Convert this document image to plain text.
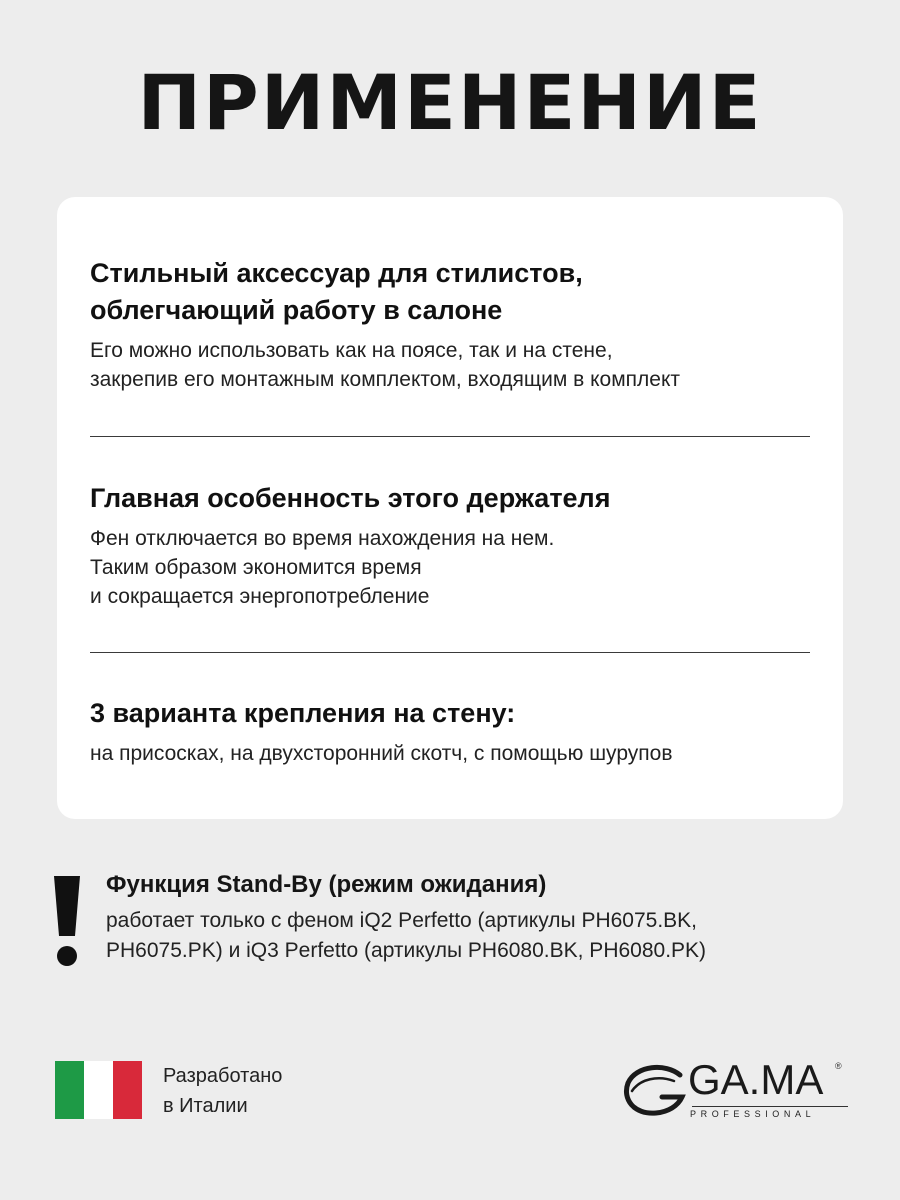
ПРИМЕНЕНИЕ
Стильный аксессуар для стилистов,
облегчающий работу в салоне

Его можно использовать как на поясе, так и на стене,
закрепив его монтажным комплектом, входящим в комплект

Главная особенность этого держателя

Фен отключается во время нахождения на нем.
Таким образом экономится время
и сокращается энергопотребление

3 варианта крепления на стену:

на присосках, на двухсторонний скотч, с помощью шурупов

Функция Stand-By (режим ожидания)

работает только с феном iQ2 Perfetto (артикулы PH6075.BK,
PH6075.PK) и iQ3 Perfetto (артикулы PH6080.BK, PH6080.PK)

Разработано
в Италии
GA.MA ®
PROFESSIONAL
